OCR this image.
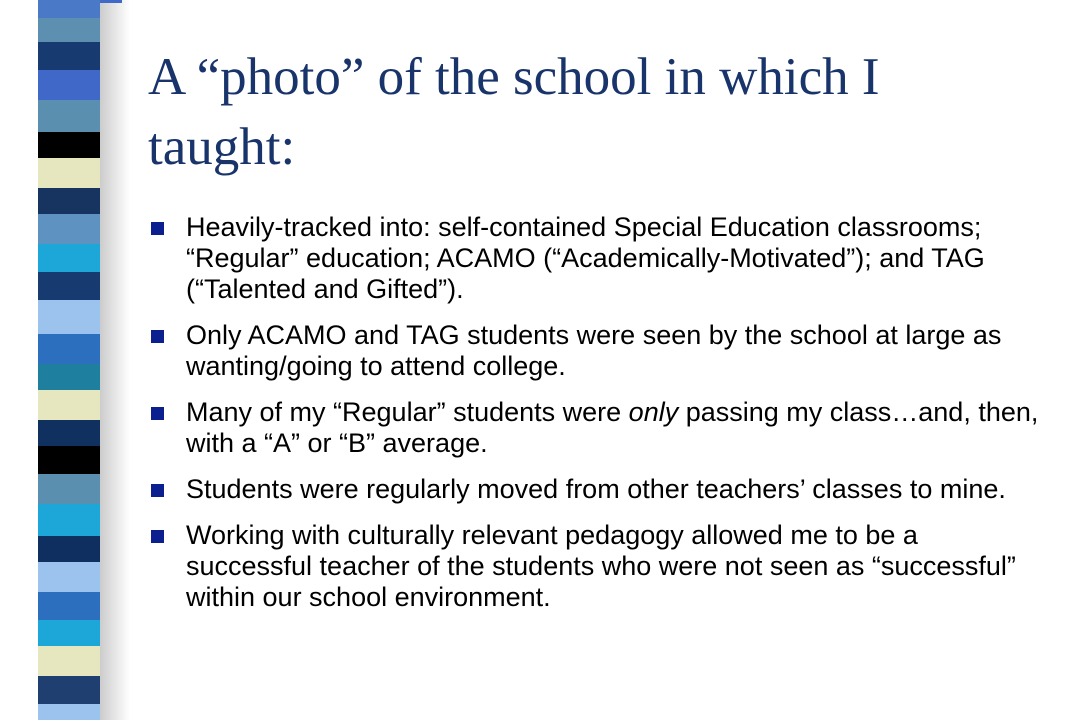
A “photo” of the school in which I taught:
Heavily-tracked into: self-contained Special Education classrooms; “Regular” education; ACAMO (“Academically-Motivated”); and TAG (“Talented and Gifted”).
Only ACAMO and TAG students were seen by the school at large as wanting/going to attend college.
Many of my “Regular” students were only passing my class…and, then, with a “A” or “B” average.
Students were regularly moved from other teachers’ classes to mine.
Working with culturally relevant pedagogy allowed me to be a successful teacher of the students who were not seen as “successful” within our school environment.
